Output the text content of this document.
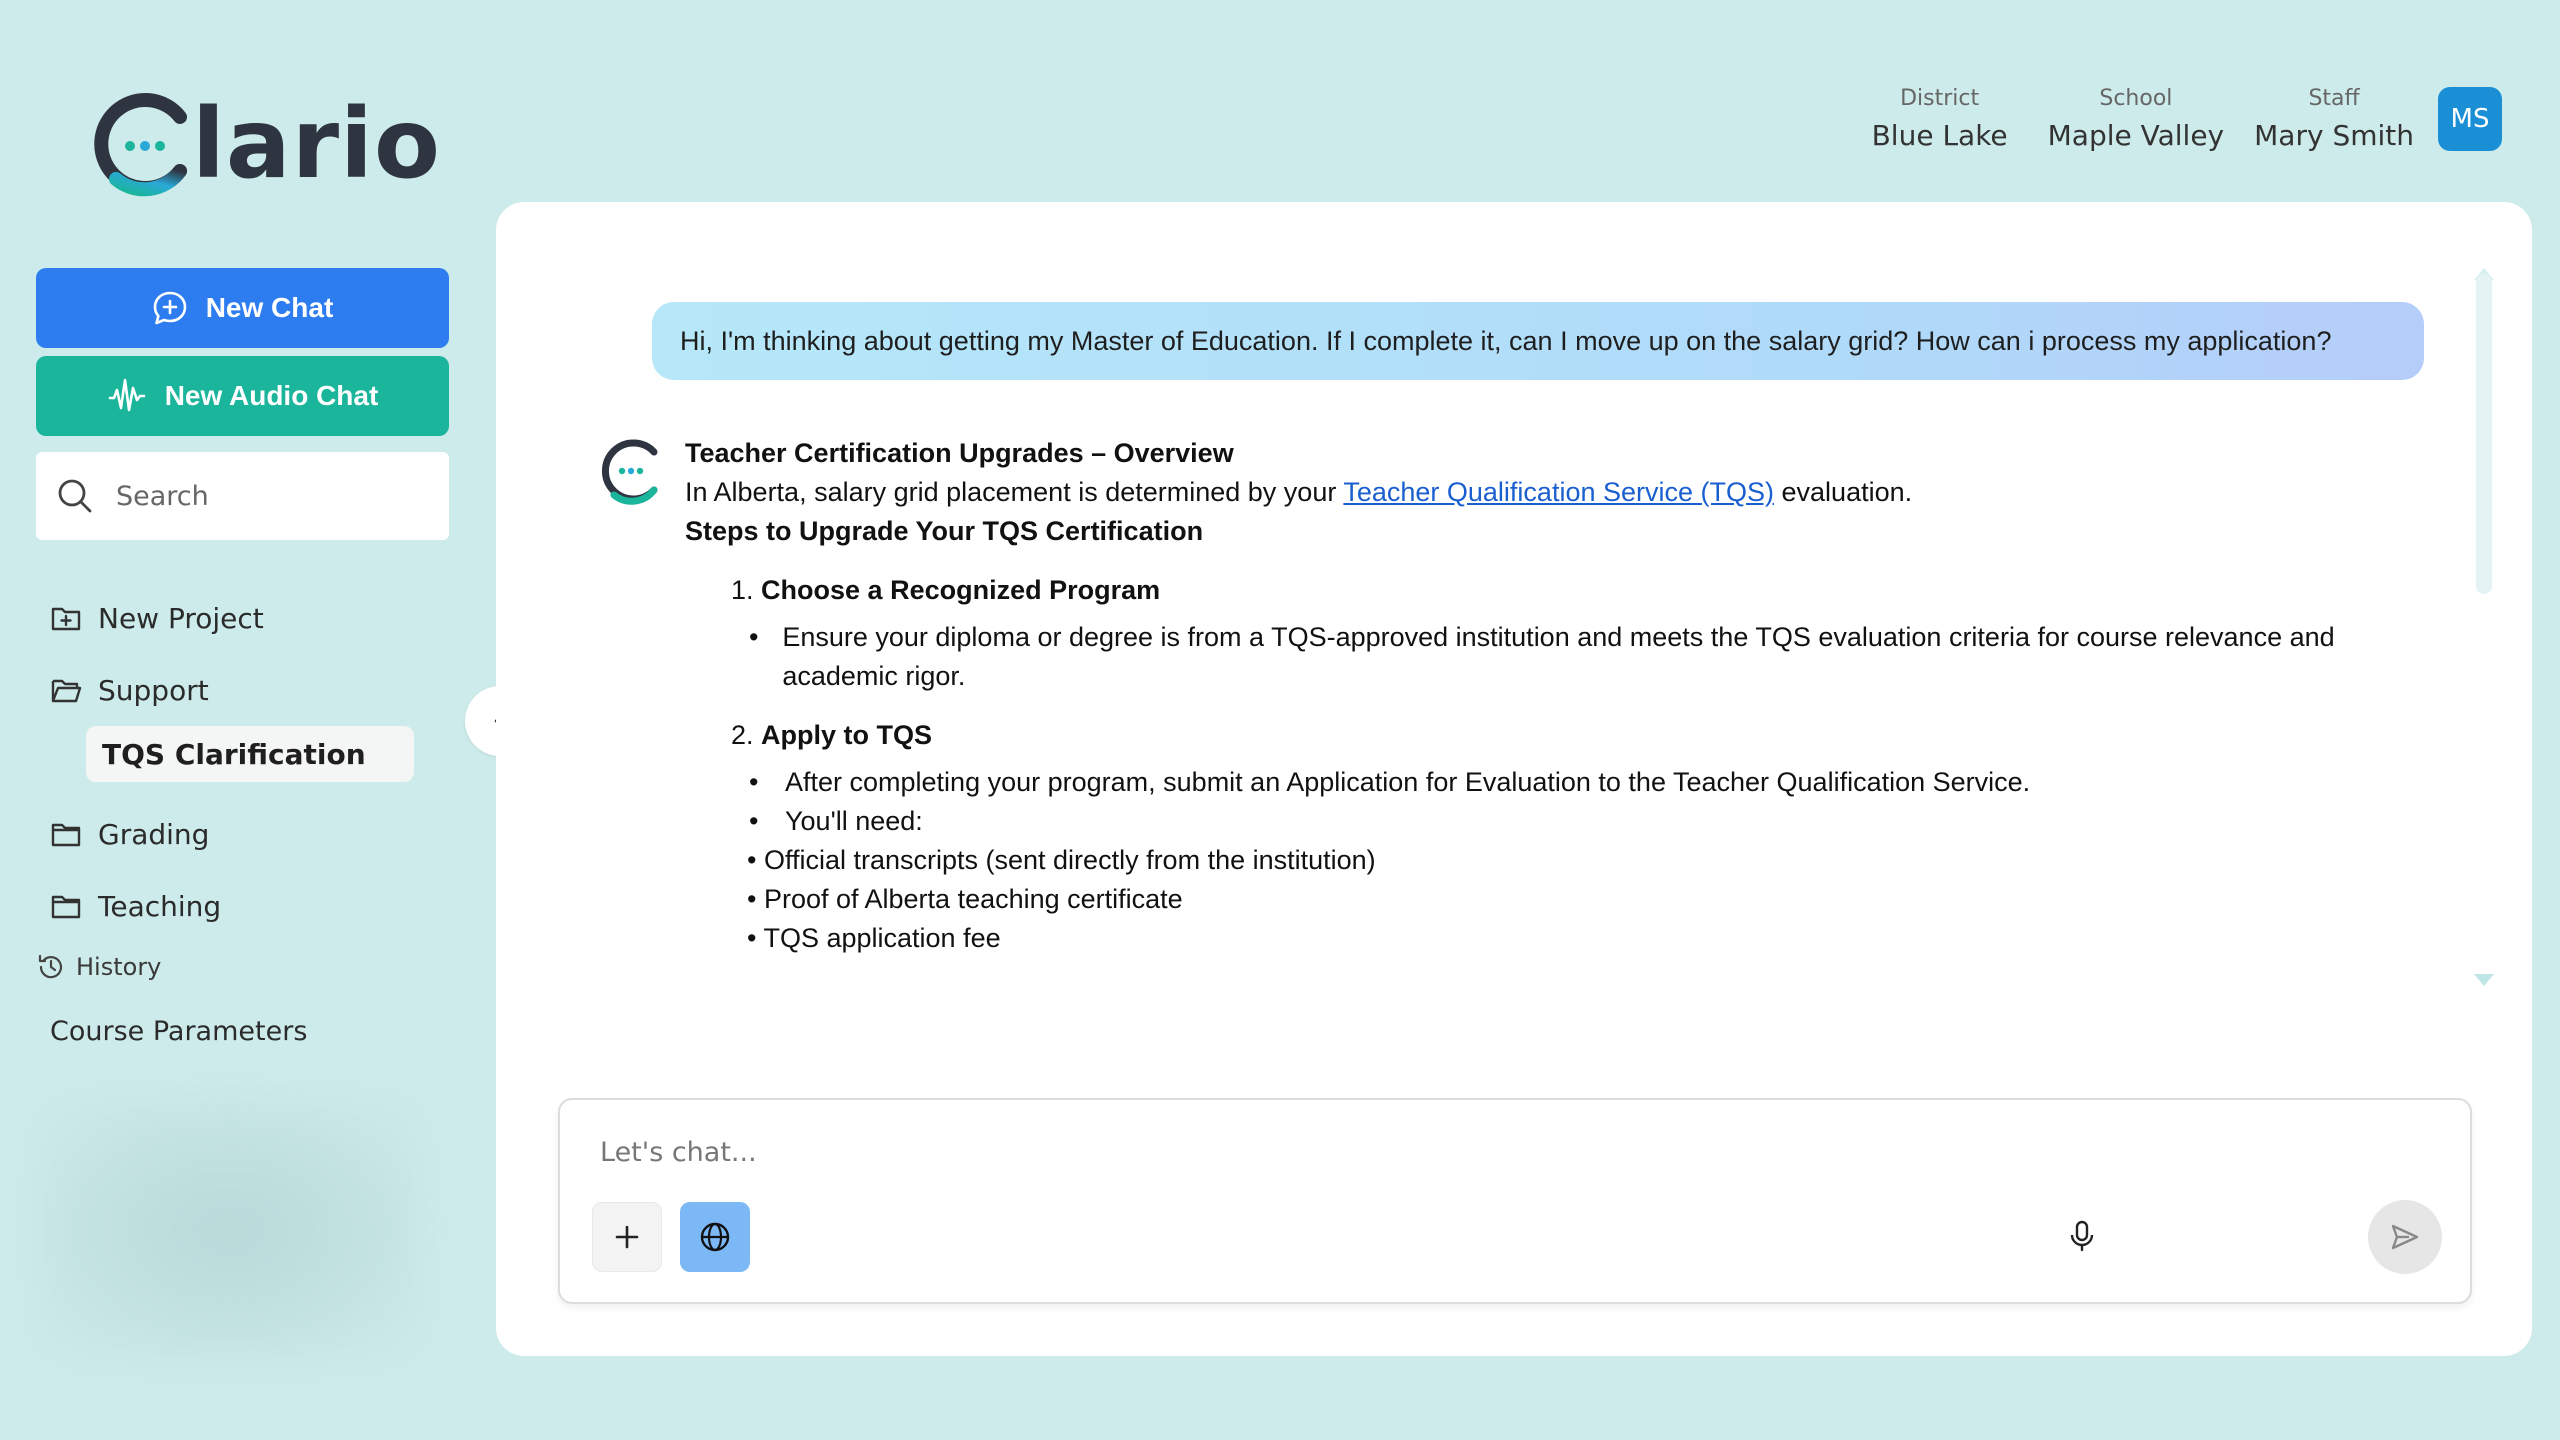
lario	District
Blue Lake
School
Maple Valley
Staff
Mary Smith	MS
New Chat
New Audio Chat
Search
New Project
Support
TQS Clarification
Grading
Teaching
History
Course Parameters
Hi, I'm thinking about getting my Master of Education. If I complete it, can I move up on the salary grid? How can i process my application?
Teacher Certification Upgrades – Overview
In Alberta, salary grid placement is determined by your Teacher Qualification Service (TQS) evaluation.
Steps to Upgrade Your TQS Certification
1. Choose a Recognized Program
• Ensure your diploma or degree is from a TQS-approved institution and meets the TQS evaluation criteria for course relevance and academic rigor.
2. Apply to TQS
• After completing your program, submit an Application for Evaluation to the Teacher Qualification Service.
• You'll need:
• Official transcripts (sent directly from the institution)
• Proof of Alberta teaching certificate
• TQS application fee
Let's chat...
